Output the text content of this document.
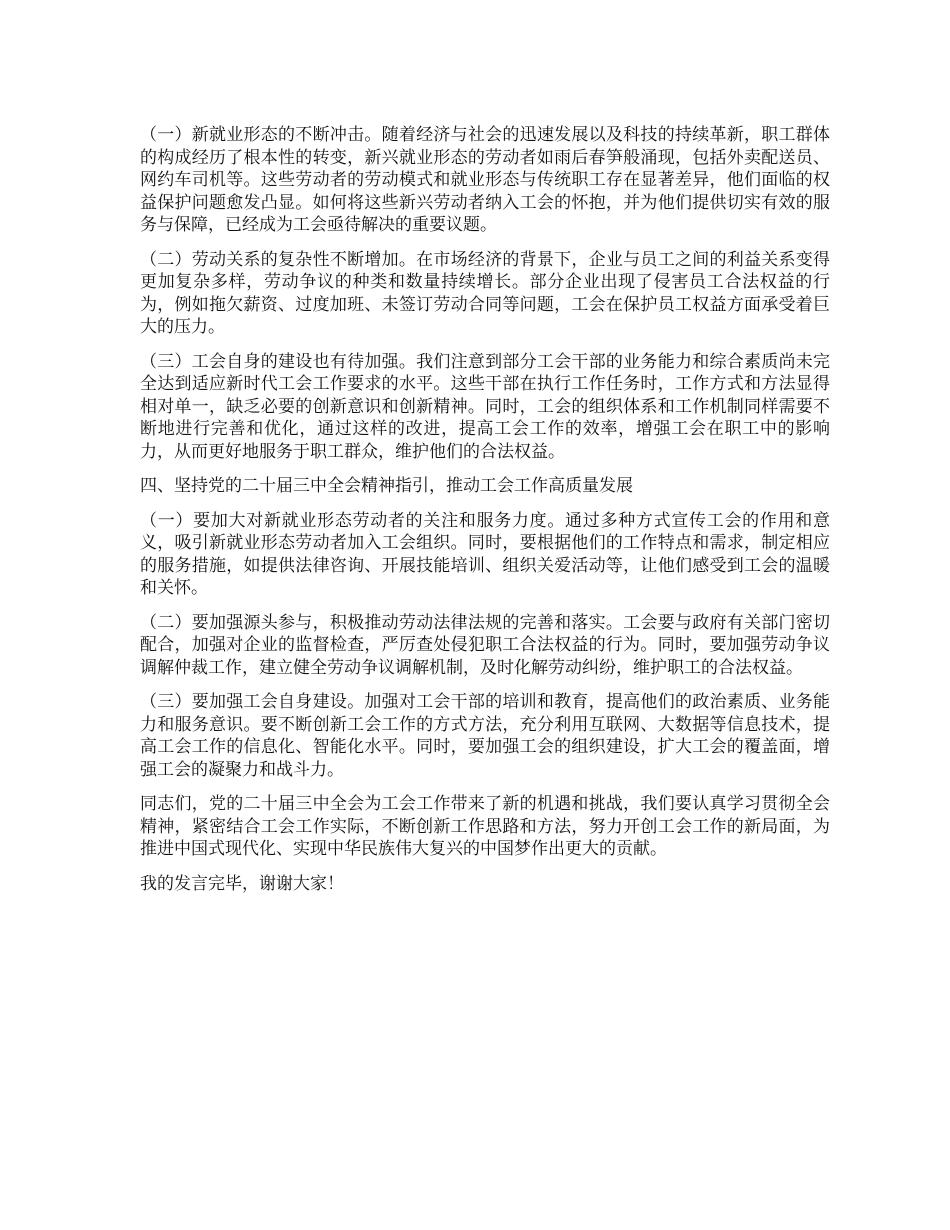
（一）新就业形态的不断冲击。随着经济与社会的迅速发展以及科技的持续革新，职工群体的构成经历了根本性的转变，新兴就业形态的劳动者如雨后春笋般涌现，包括外卖配送员、网约车司机等。这些劳动者的劳动模式和就业形态与传统职工存在显著差异，他们面临的权益保护问题愈发凸显。如何将这些新兴劳动者纳入工会的怀抱，并为他们提供切实有效的服务与保障，已经成为工会亟待解决的重要议题。

（二）劳动关系的复杂性不断增加。在市场经济的背景下，企业与员工之间的利益关系变得更加复杂多样，劳动争议的种类和数量持续增长。部分企业出现了侵害员工合法权益的行为，例如拖欠薪资、过度加班、未签订劳动合同等问题，工会在保护员工权益方面承受着巨大的压力。

（三）工会自身的建设也有待加强。我们注意到部分工会干部的业务能力和综合素质尚未完全达到适应新时代工会工作要求的水平。这些干部在执行工作任务时，工作方式和方法显得相对单一，缺乏必要的创新意识和创新精神。同时，工会的组织体系和工作机制同样需要不断地进行完善和优化，通过这样的改进，提高工会工作的效率，增强工会在职工中的影响力，从而更好地服务于职工群众，维护他们的合法权益。

四、坚持党的二十届三中全会精神指引，推动工会工作高质量发展

（一）要加大对新就业形态劳动者的关注和服务力度。通过多种方式宣传工会的作用和意义，吸引新就业形态劳动者加入工会组织。同时，要根据他们的工作特点和需求，制定相应的服务措施，如提供法律咨询、开展技能培训、组织关爱活动等，让他们感受到工会的温暖和关怀。

（二）要加强源头参与，积极推动劳动法律法规的完善和落实。工会要与政府有关部门密切配合，加强对企业的监督检查，严厉查处侵犯职工合法权益的行为。同时，要加强劳动争议调解仲裁工作，建立健全劳动争议调解机制，及时化解劳动纠纷，维护职工的合法权益。

（三）要加强工会自身建设。加强对工会干部的培训和教育，提高他们的政治素质、业务能力和服务意识。要不断创新工会工作的方式方法，充分利用互联网、大数据等信息技术，提高工会工作的信息化、智能化水平。同时，要加强工会的组织建设，扩大工会的覆盖面，增强工会的凝聚力和战斗力。

同志们，党的二十届三中全会为工会工作带来了新的机遇和挑战，我们要认真学习贯彻全会精神，紧密结合工会工作实际，不断创新工作思路和方法，努力开创工会工作的新局面，为推进中国式现代化、实现中华民族伟大复兴的中国梦作出更大的贡献。

我的发言完毕，谢谢大家！
